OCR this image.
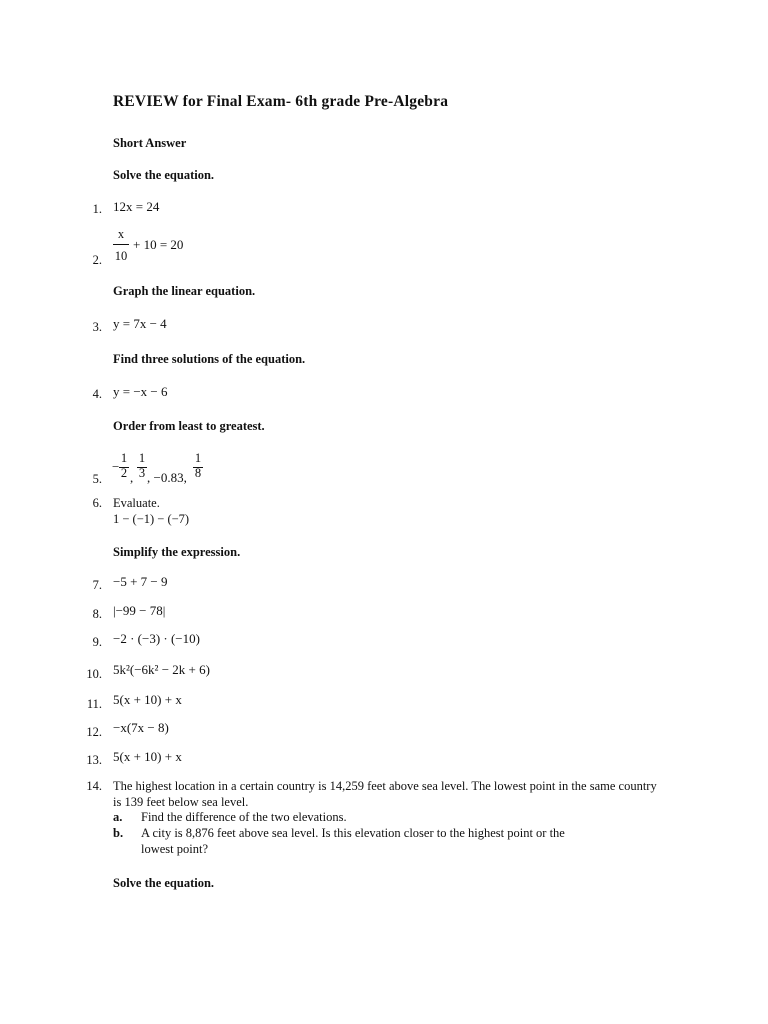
REVIEW for Final Exam- 6th grade Pre-Algebra
Short Answer
Solve the equation.
1. 12x = 24
2.
x
10
+ 10 = 20
Graph the linear equation.
3. y = 7x − 4
Find three solutions of the equation.
4. y = −x − 6
Order from least to greatest.
5.
−
1
2 ,
1
3 , −0.83,
1
8
6. Evaluate.
1 − (−1) − (−7)
Simplify the expression.
7. −5 + 7 − 9
8. |−99 − 78|
9. −2 · (−3) · (−10)
10. 5k²(−6k² − 2k + 6)
11. 5(x + 10) + x
12. −x(7x − 8)
13. 5(x + 10) + x
14. The highest location in a certain country is 14,259 feet above sea level. The lowest point in the same country
is 139 feet below sea level.
a. Find the difference of the two elevations.
b. A city is 8,876 feet above sea level. Is this elevation closer to the highest point or the
lowest point?
Solve the equation.
